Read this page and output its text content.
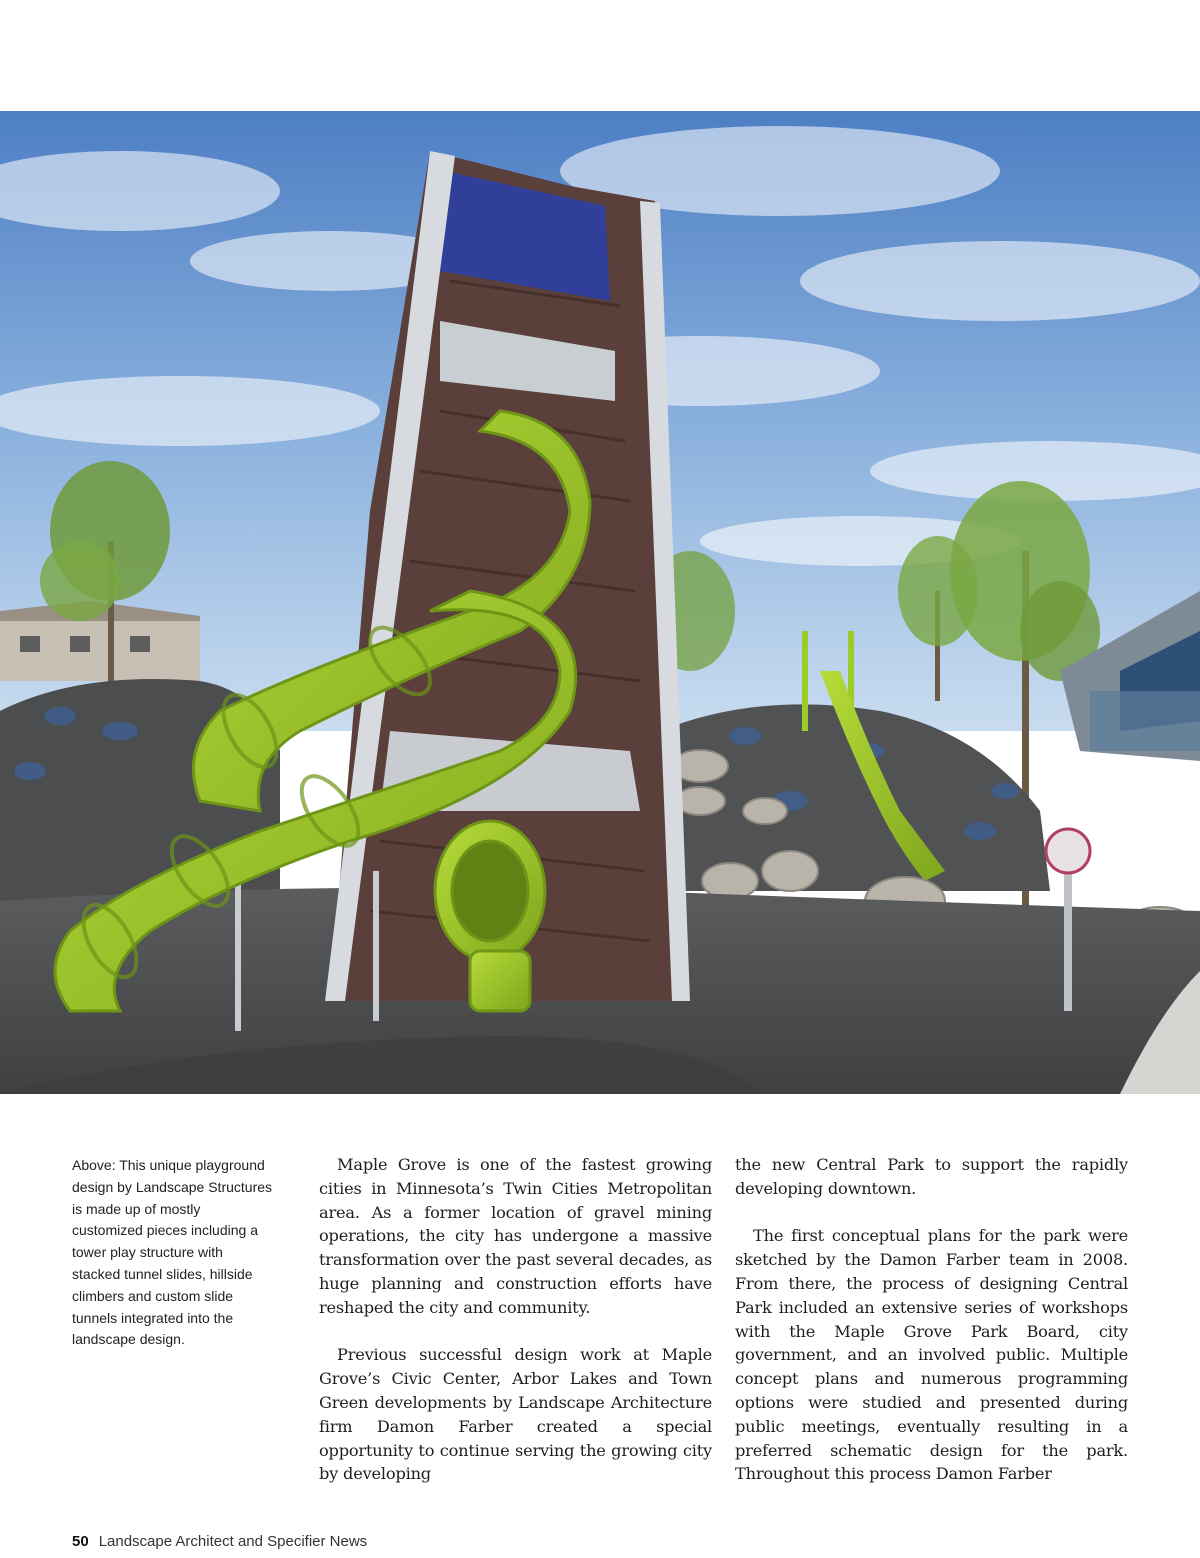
Above: This unique playground design by Landscape Structures is made up of mostly customized pieces including a tower play structure with stacked tunnel slides, hillside climbers and custom slide tunnels integrated into the landscape design.

Maple Grove is one of the fastest growing cities in Minnesota’s Twin Cities Metropolitan area. As a former location of gravel mining operations, the city has undergone a massive transformation over the past several decades, as huge planning and construction efforts have reshaped the city and community.

Previous successful design work at Maple Grove’s Civic Center, Arbor Lakes and Town Green developments by Landscape Architecture firm Damon Farber created a special opportunity to continue serving the growing city by developing

the new Central Park to support the rapidly developing downtown.

The first conceptual plans for the park were sketched by the Damon Farber team in 2008. From there, the process of designing Central Park included an extensive series of workshops with the Maple Grove Park Board, city government, and an involved public. Multiple concept plans and numerous programming options were studied and presented during public meetings, eventually resulting in a preferred schematic design for the park. Throughout this process Damon Farber

50 Landscape Architect and Specifier News
